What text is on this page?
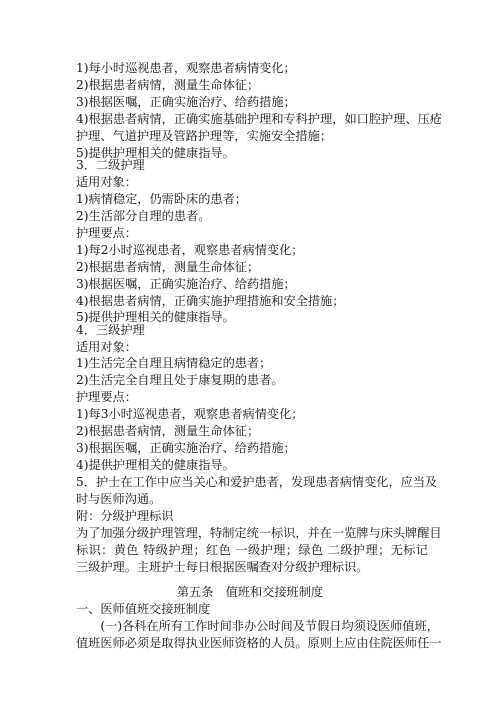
1)每小时巡视患者，观察患者病情变化；
2)根据患者病情，测量生命体征；
3)根据医嘱，正确实施治疗、给药措施；
4)根据患者病情，正确实施基础护理和专科护理，如口腔护理、压疮
护理、气道护理及管路护理等，实施安全措施；
5)提供护理相关的健康指导。
3．二级护理
适用对象：
1)病情稳定，仍需卧床的患者；
2)生活部分自理的患者。
护理要点：
1)每2小时巡视患者，观察患者病情变化；
2)根据患者病情，测量生命体征；
3)根据医嘱，正确实施治疗、给药措施；
4)根据患者病情，正确实施护理措施和安全措施；
5)提供护理相关的健康指导。
4．三级护理
适用对象：
1)生活完全自理且病情稳定的患者；
2)生活完全自理且处于康复期的患者。
护理要点：
1)每3小时巡视患者，观察患者病情变化；
2)根据患者病情，测量生命体征；
3)根据医嘱，正确实施治疗、给药措施；
4)提供护理相关的健康指导。
5．护士在工作中应当关心和爱护患者，发现患者病情变化，应当及
时与医师沟通。
附：分级护理标识
为了加强分级护理管理，特制定统一标识，并在一览牌与床头牌醒目
标识：黄色 特级护理；红色 一级护理；绿色 二级护理；无标记
三级护理。主班护士每日根据医嘱查对分级护理标识。
第五条　值班和交接班制度
一、医师值班交接班制度
　　(一)各科在所有工作时间非办公时间及节假日均须设医师值班，
值班医师必须是取得执业医师资格的人员。原则上应由住院医师任一
